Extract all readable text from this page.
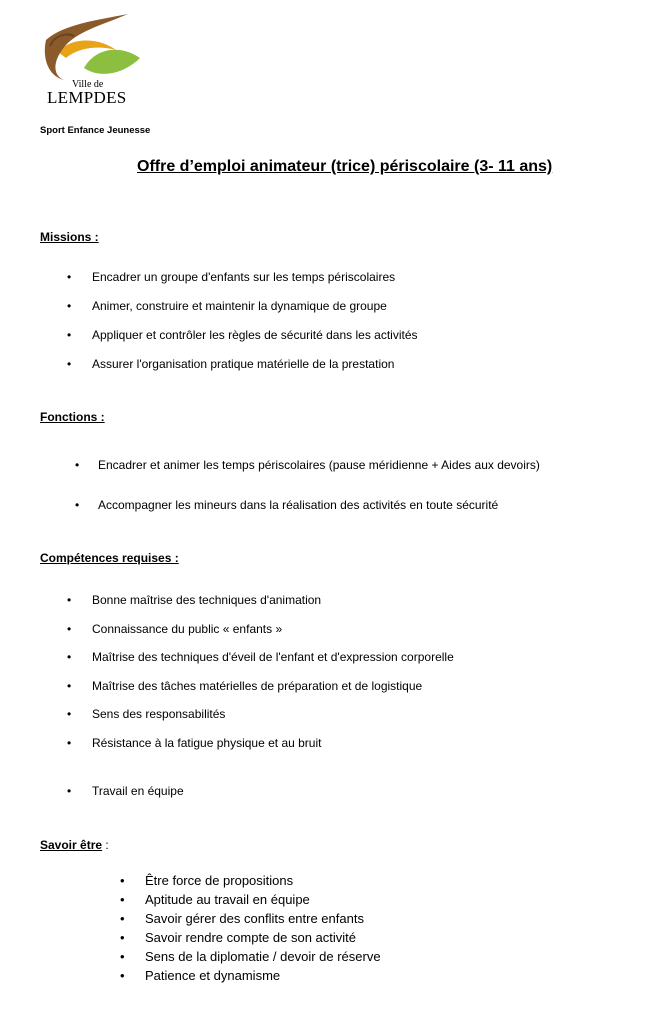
Ville de
LEMPDES
Sport Enfance Jeunesse
Offre d’emploi animateur (trice) périscolaire (3- 11 ans)
Missions :
• Encadrer un groupe d'enfants sur les temps périscolaires
• Animer, construire et maintenir la dynamique de groupe
• Appliquer et contrôler les règles de sécurité dans les activités
• Assurer l'organisation pratique matérielle de la prestation
Fonctions :
• Encadrer et animer les temps périscolaires (pause méridienne + Aides aux devoirs)
• Accompagner les mineurs dans la réalisation des activités en toute sécurité
Compétences requises :
• Bonne maîtrise des techniques d'animation
• Connaissance du public « enfants »
• Maîtrise des techniques d'éveil de l'enfant et d'expression corporelle
• Maîtrise des tâches matérielles de préparation et de logistique
• Sens des responsabilités
• Résistance à la fatigue physique et au bruit
• Travail en équipe
Savoir être :
• Être force de propositions
• Aptitude au travail en équipe
• Savoir gérer des conflits entre enfants
• Savoir rendre compte de son activité
• Sens de la diplomatie / devoir de réserve
• Patience et dynamisme
